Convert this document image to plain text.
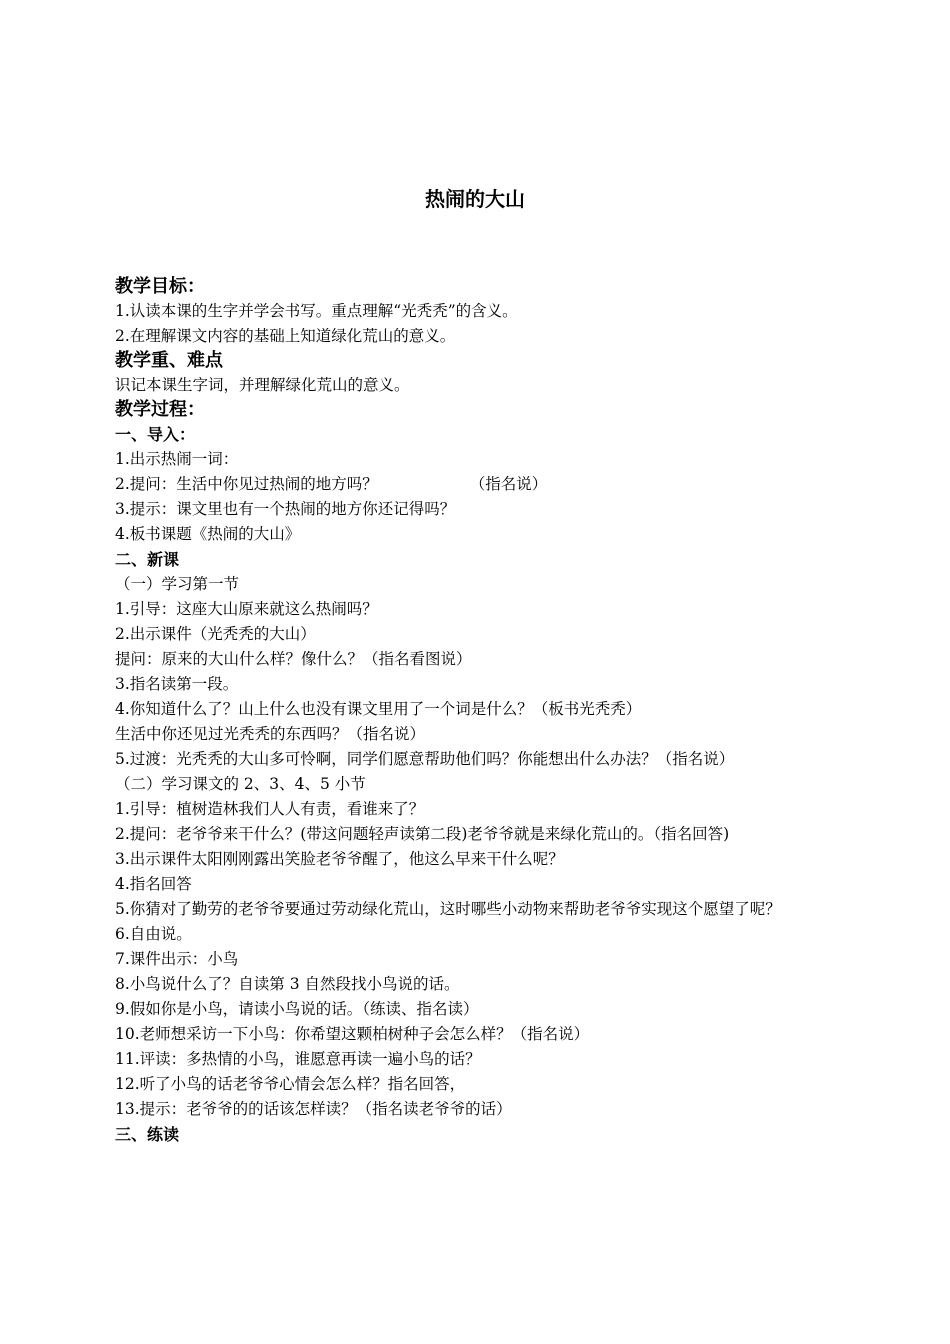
热闹的大山
教学目标：
1.认读本课的生字并学会书写。重点理解“光秃秃”的含义。
2.在理解课文内容的基础上知道绿化荒山的意义。
教学重、难点
识记本课生字词，并理解绿化荒山的意义。
教学过程：
一、导入：
1.出示热闹一词：
2.提问：生活中你见过热闹的地方吗？	（指名说）
3.提示：课文里也有一个热闹的地方你还记得吗？
4.板书课题《热闹的大山》
二、新课
（一）学习第一节
1.引导：这座大山原来就这么热闹吗？
2.出示课件（光秃秃的大山）
提问：原来的大山什么样？像什么？（指名看图说）
3.指名读第一段。
4.你知道什么了？山上什么也没有课文里用了一个词是什么？（板书光秃秃）
生活中你还见过光秃秃的东西吗？（指名说）
5.过渡：光秃秃的大山多可怜啊，同学们愿意帮助他们吗？你能想出什么办法？（指名说）
（二）学习课文的 2、3、4、5 小节
1.引导：植树造林我们人人有责，看谁来了？
2.提问：老爷爷来干什么？(带这问题轻声读第二段)老爷爷就是来绿化荒山的。（指名回答)
3.出示课件太阳刚刚露出笑脸老爷爷醒了，他这么早来干什么呢？
4.指名回答
5.你猜对了勤劳的老爷爷要通过劳动绿化荒山，这时哪些小动物来帮助老爷爷实现这个愿望了呢？
6.自由说。
7.课件出示：小鸟
8.小鸟说什么了？自读第 3 自然段找小鸟说的话。
9.假如你是小鸟，请读小鸟说的话。（练读、指名读）
10.老师想采访一下小鸟：你希望这颗柏树种子会怎么样？（指名说）
11.评读：多热情的小鸟，谁愿意再读一遍小鸟的话？
12.听了小鸟的话老爷爷心情会怎么样？指名回答，
13.提示：老爷爷的的话该怎样读？（指名读老爷爷的话）
三、练读
